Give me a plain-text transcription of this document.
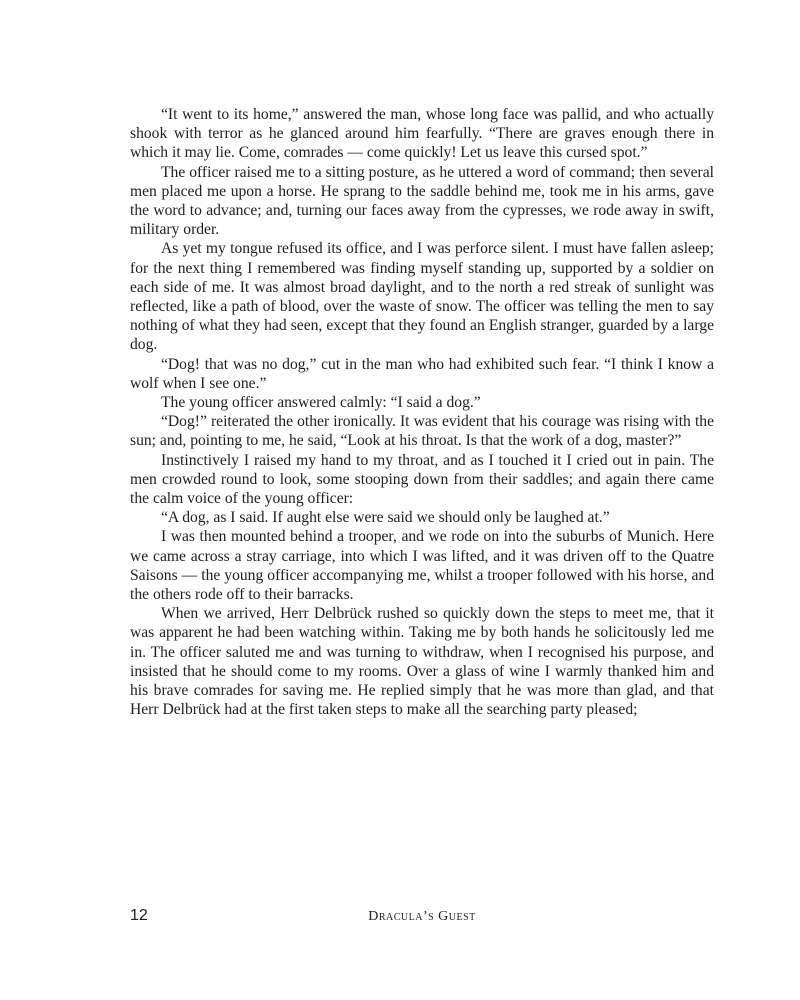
“It went to its home,” answered the man, whose long face was pallid, and who actually shook with terror as he glanced around him fearfully. “There are graves enough there in which it may lie. Come, comrades — come quickly! Let us leave this cursed spot.”

The officer raised me to a sitting posture, as he uttered a word of command; then several men placed me upon a horse. He sprang to the saddle behind me, took me in his arms, gave the word to advance; and, turning our faces away from the cypresses, we rode away in swift, military order.

As yet my tongue refused its office, and I was perforce silent. I must have fallen asleep; for the next thing I remembered was finding myself standing up, supported by a soldier on each side of me. It was almost broad daylight, and to the north a red streak of sunlight was reflected, like a path of blood, over the waste of snow. The officer was telling the men to say nothing of what they had seen, except that they found an English stranger, guarded by a large dog.

“Dog! that was no dog,” cut in the man who had exhibited such fear. “I think I know a wolf when I see one.”

The young officer answered calmly: “I said a dog.”

“Dog!” reiterated the other ironically. It was evident that his courage was rising with the sun; and, pointing to me, he said, “Look at his throat. Is that the work of a dog, master?”

Instinctively I raised my hand to my throat, and as I touched it I cried out in pain. The men crowded round to look, some stooping down from their saddles; and again there came the calm voice of the young officer:

“A dog, as I said. If aught else were said we should only be laughed at.”

I was then mounted behind a trooper, and we rode on into the suburbs of Munich. Here we came across a stray carriage, into which I was lifted, and it was driven off to the Quatre Saisons — the young officer accompanying me, whilst a trooper followed with his horse, and the others rode off to their barracks.

When we arrived, Herr Delbrück rushed so quickly down the steps to meet me, that it was apparent he had been watching within. Taking me by both hands he solicitously led me in. The officer saluted me and was turning to withdraw, when I recognised his purpose, and insisted that he should come to my rooms. Over a glass of wine I warmly thanked him and his brave comrades for saving me. He replied simply that he was more than glad, and that Herr Delbrück had at the first taken steps to make all the searching party pleased;

12	Dracula’s Guest
